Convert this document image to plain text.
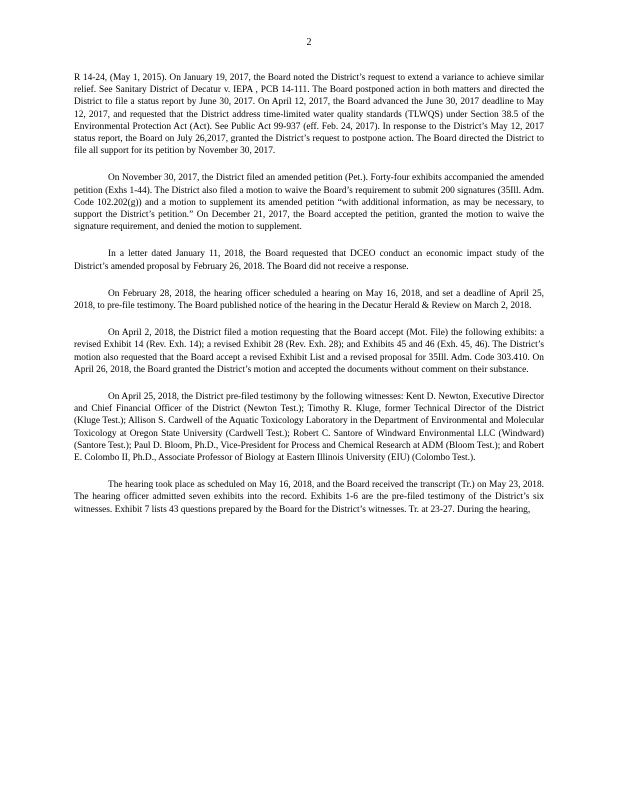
2

R 14-24, (May 1, 2015). On January 19, 2017, the Board noted the District’s request to extend a variance to achieve similar relief. See Sanitary District of Decatur v. IEPA , PCB 14-111. The Board postponed action in both matters and directed the District to file a status report by June 30, 2017. On April 12, 2017, the Board advanced the June 30, 2017 deadline to May 12, 2017, and requested that the District address time-limited water quality standards (TLWQS) under Section 38.5 of the Environmental Protection Act (Act). See Public Act 99-937 (eff. Feb. 24, 2017). In response to the District’s May 12, 2017 status report, the Board on July 26,2017, granted the District’s request to postpone action. The Board directed the District to file all support for its petition by November 30, 2017.

On November 30, 2017, the District filed an amended petition (Pet.). Forty-four exhibits accompanied the amended petition (Exhs 1-44). The District also filed a motion to waive the Board’s requirement to submit 200 signatures (35Ill. Adm. Code 102.202(g)) and a motion to supplement its amended petition “with additional information, as may be necessary, to support the District’s petition.” On December 21, 2017, the Board accepted the petition, granted the motion to waive the signature requirement, and denied the motion to supplement.

In a letter dated January 11, 2018, the Board requested that DCEO conduct an economic impact study of the District’s amended proposal by February 26, 2018. The Board did not receive a response.

On February 28, 2018, the hearing officer scheduled a hearing on May 16, 2018, and set a deadline of April 25, 2018, to pre-file testimony. The Board published notice of the hearing in the Decatur Herald & Review on March 2, 2018.

On April 2, 2018, the District filed a motion requesting that the Board accept (Mot. File) the following exhibits: a revised Exhibit 14 (Rev. Exh. 14); a revised Exhibit 28 (Rev. Exh. 28); and Exhibits 45 and 46 (Exh. 45, 46). The District’s motion also requested that the Board accept a revised Exhibit List and a revised proposal for 35Ill. Adm. Code 303.410. On April 26, 2018, the Board granted the District’s motion and accepted the documents without comment on their substance.

On April 25, 2018, the District pre-filed testimony by the following witnesses: Kent D. Newton, Executive Director and Chief Financial Officer of the District (Newton Test.); Timothy R. Kluge, former Technical Director of the District (Kluge Test.); Allison S. Cardwell of the Aquatic Toxicology Laboratory in the Department of Environmental and Molecular Toxicology at Oregon State University (Cardwell Test.); Robert C. Santore of Windward Environmental LLC (Windward) (Santore Test.); Paul D. Bloom, Ph.D., Vice-President for Process and Chemical Research at ADM (Bloom Test.); and Robert E. Colombo II, Ph.D., Associate Professor of Biology at Eastern Illinois University (EIU) (Colombo Test.).

The hearing took place as scheduled on May 16, 2018, and the Board received the transcript (Tr.) on May 23, 2018. The hearing officer admitted seven exhibits into the record. Exhibits 1-6 are the pre-filed testimony of the District’s six witnesses. Exhibit 7 lists 43 questions prepared by the Board for the District’s witnesses. Tr. at 23-27. During the hearing,
